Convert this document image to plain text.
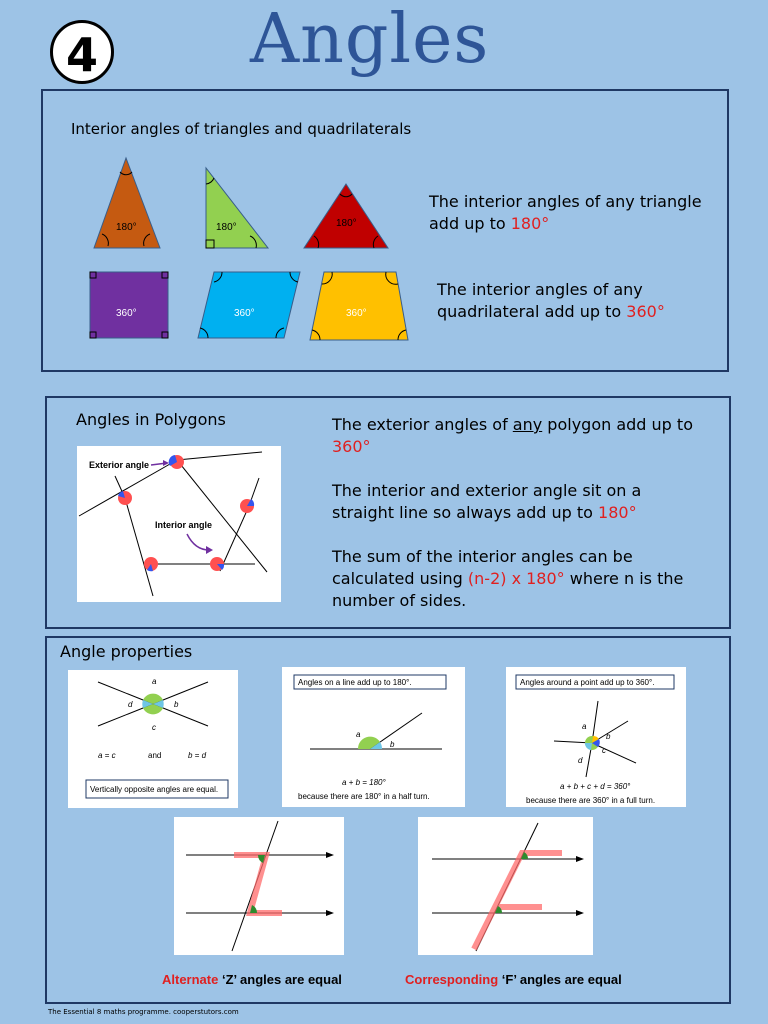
4 Angles
Interior angles of triangles and quadrilaterals
180°	180°	180°
360°	360°	360°
The interior angles of any triangle
add up to 180°
The interior angles of any
quadrilateral add up to 360°
Angles in Polygons
Exterior angle
Interior angle
The exterior angles of any polygon add up to
360°
The interior and exterior angle sit on a
straight line so always add up to 180°
The sum of the interior angles can be
calculated using (n-2) x 180° where n is the
number of sides.
Angle properties
a
b
c
d
a = c	and	b = d
Vertically opposite angles are equal.
Angles on a line add up to 180°.
a
b
a + b = 180°
because there are 180° in a half turn.
Angles around a point add up to 360°.
a
b
c
d
a + b + c + d = 360°
because there are 360° in a full turn.
Alternate ‘Z’ angles are equal	Corresponding ‘F’ angles are equal
The Essential 8 maths programme. cooperstutors.com
